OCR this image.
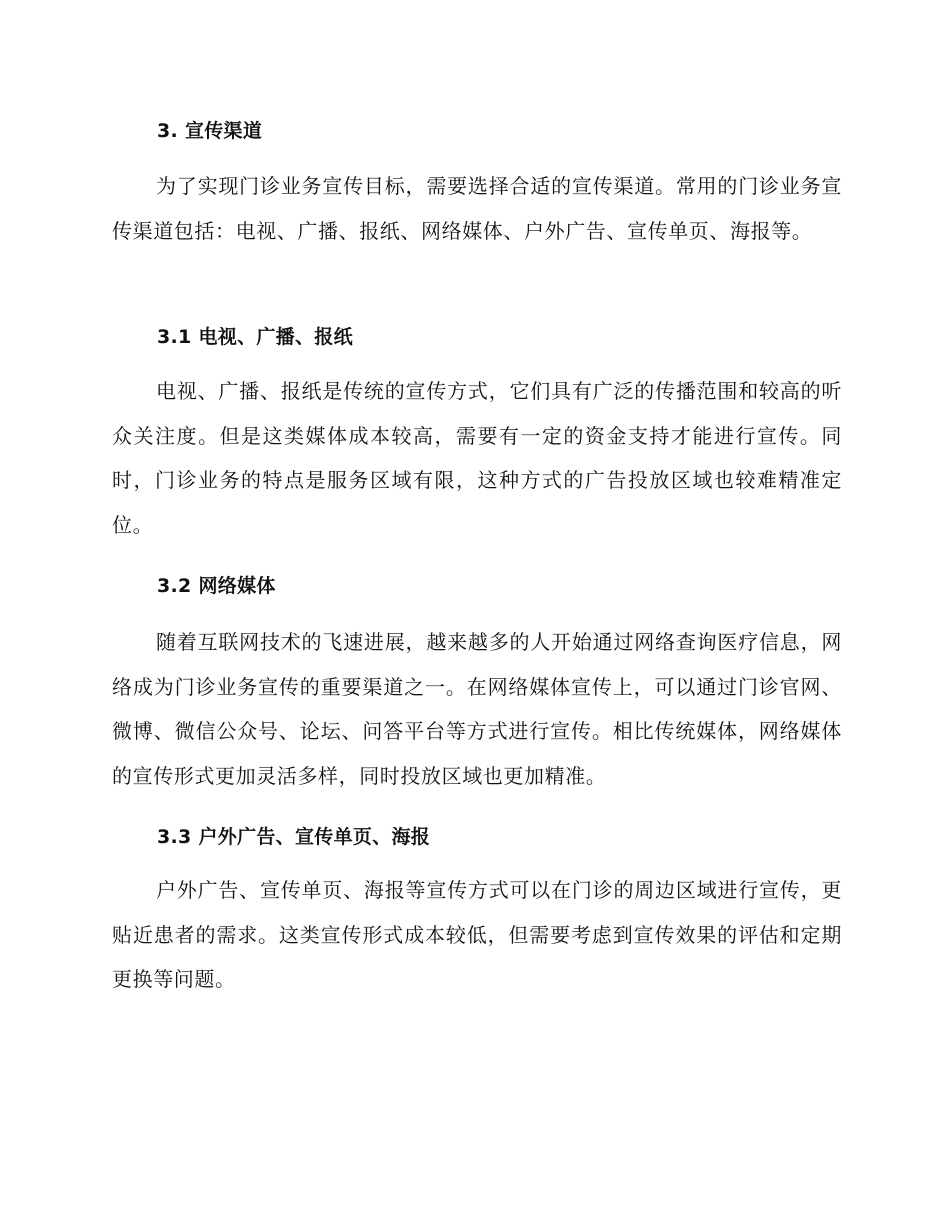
3. 宣传渠道
为了实现门诊业务宣传目标，需要选择合适的宣传渠道。常用的门诊业务宣传渠道包括：电视、广播、报纸、网络媒体、户外广告、宣传单页、海报等。
3.1 电视、广播、报纸
电视、广播、报纸是传统的宣传方式，它们具有广泛的传播范围和较高的听众关注度。但是这类媒体成本较高，需要有一定的资金支持才能进行宣传。同时，门诊业务的特点是服务区域有限，这种方式的广告投放区域也较难精准定位。
3.2 网络媒体
随着互联网技术的飞速进展，越来越多的人开始通过网络查询医疗信息，网络成为门诊业务宣传的重要渠道之一。在网络媒体宣传上，可以通过门诊官网、微博、微信公众号、论坛、问答平台等方式进行宣传。相比传统媒体，网络媒体的宣传形式更加灵活多样，同时投放区域也更加精准。
3.3 户外广告、宣传单页、海报
户外广告、宣传单页、海报等宣传方式可以在门诊的周边区域进行宣传，更贴近患者的需求。这类宣传形式成本较低，但需要考虑到宣传效果的评估和定期更换等问题。
